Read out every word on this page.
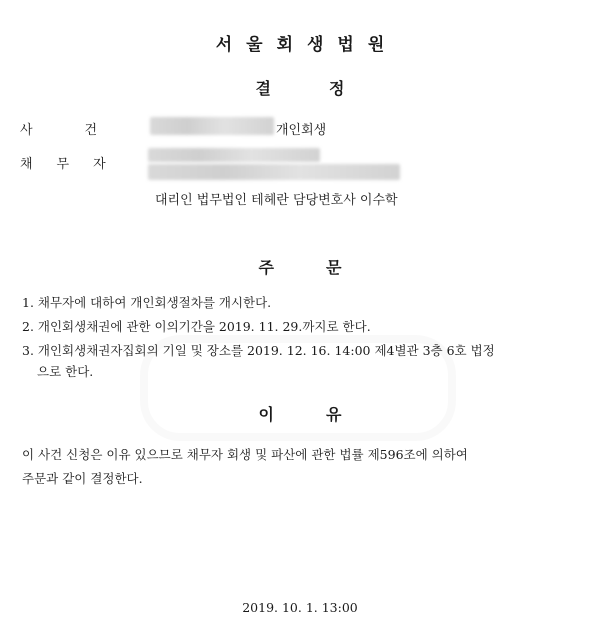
서울회생법원
결정
사건	개인회생
채무자
대리인 법무법인 테헤란 담당변호사 이수학
주문
1. 채무자에 대하여 개인회생절차를 개시한다.
2. 개인회생채권에 관한 이의기간을 2019. 11. 29.까지로 한다.
3. 개인회생채권자집회의 기일 및 장소를 2019. 12. 16. 14:00 제4별관 3층 6호 법정
으로 한다.
이유
이 사건 신청은 이유 있으므로 채무자 회생 및 파산에 관한 법률 제596조에 의하여
주문과 같이 결정한다.
2019. 10. 1. 13:00
